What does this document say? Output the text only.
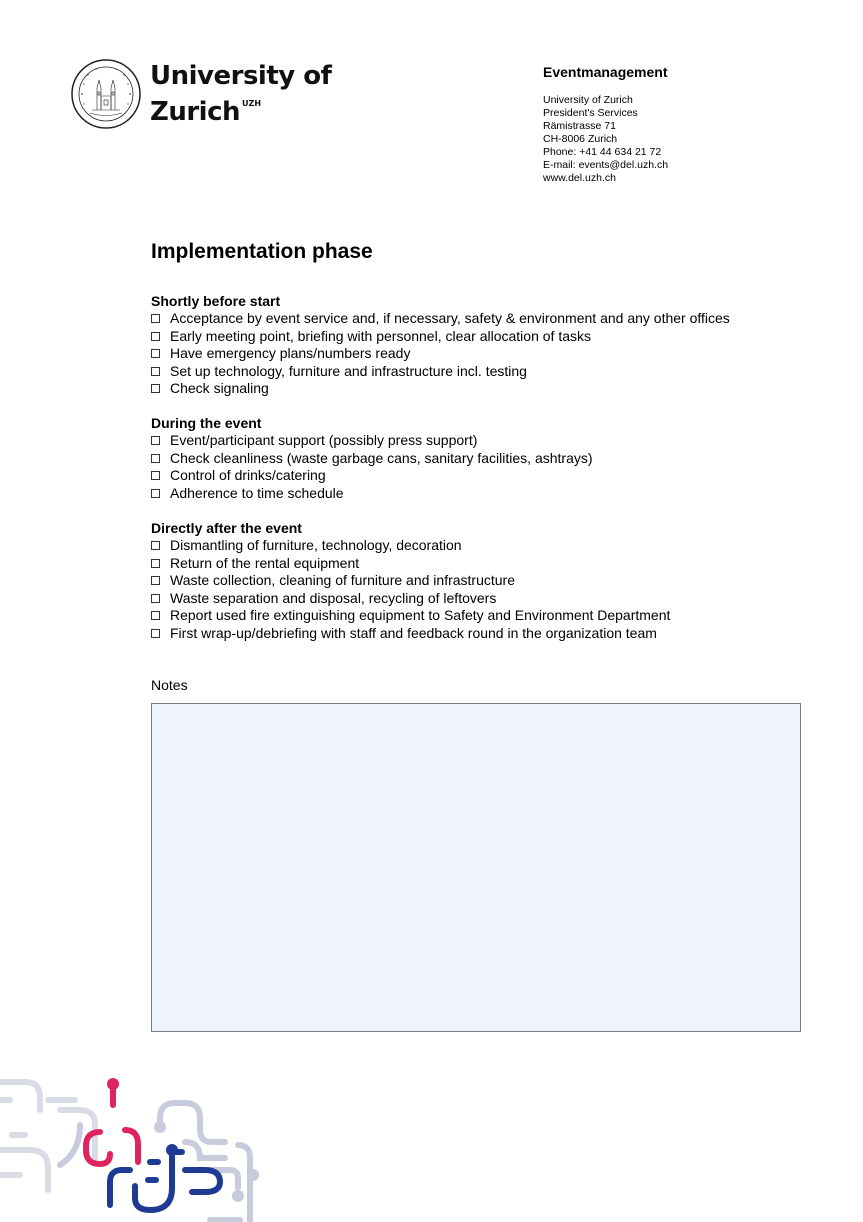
University of
Zurich $^{UZH}$
Eventmanagement
University of Zurich
President's Services
Rämistrasse 71
CH-8006 Zurich
Phone: +41 44 634 21 72
E-mail: events@del.uzh.ch
www.del.uzh.ch
Implementation phase
Shortly before start
Acceptance by event service and, if necessary, safety & environment and any other offices
Early meeting point, briefing with personnel, clear allocation of tasks
Have emergency plans/numbers ready
Set up technology, furniture and infrastructure incl. testing
Check signaling
During the event
Event/participant support (possibly press support)
Check cleanliness (waste garbage cans, sanitary facilities, ashtrays)
Control of drinks/catering
Adherence to time schedule
Directly after the event
Dismantling of furniture, technology, decoration
Return of the rental equipment
Waste collection, cleaning of furniture and infrastructure
Waste separation and disposal, recycling of leftovers
Report used fire extinguishing equipment to Safety and Environment Department
First wrap-up/debriefing with staff and feedback round in the organization team
Notes
